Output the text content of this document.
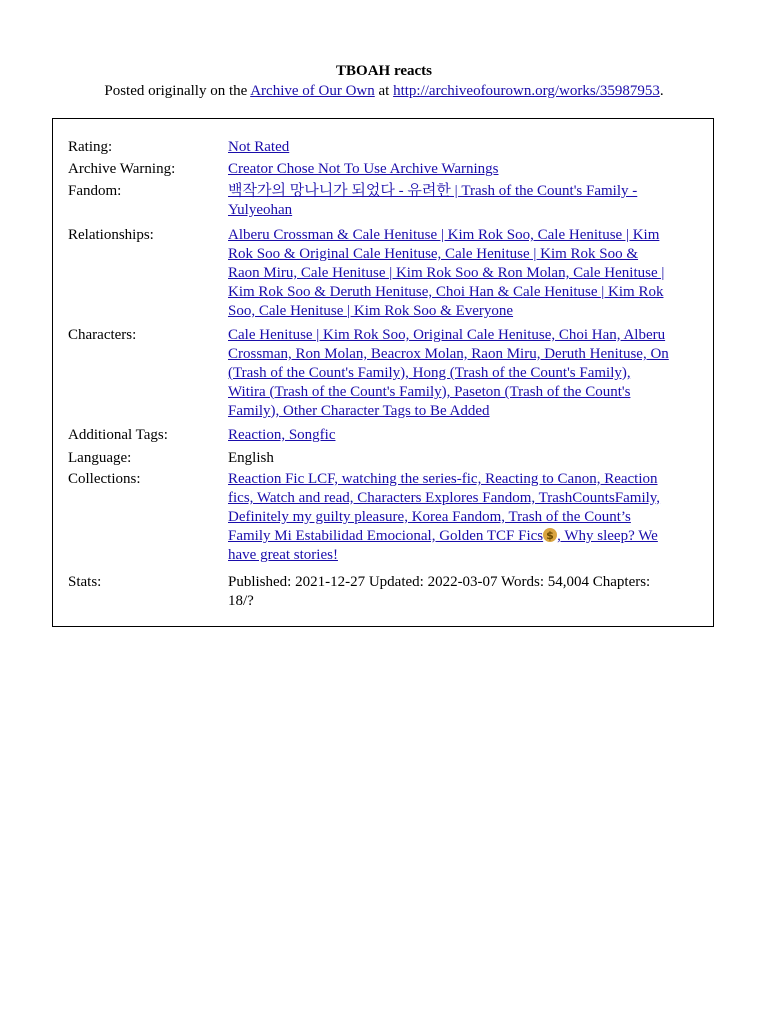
TBOAH reacts
Posted originally on the Archive of Our Own at http://archiveofourown.org/works/35987953.
Rating:	Not Rated
Archive Warning:	Creator Chose Not To Use Archive Warnings
Fandom:	백작가의 망나니가 되었다 - 유려한 | Trash of the Count's Family -
Yulyeohan
Relationships:	Alberu Crossman & Cale Henituse | Kim Rok Soo, Cale Henituse | Kim
Rok Soo & Original Cale Henituse, Cale Henituse | Kim Rok Soo &
Raon Miru, Cale Henituse | Kim Rok Soo & Ron Molan, Cale Henituse |
Kim Rok Soo & Deruth Henituse, Choi Han & Cale Henituse | Kim Rok
Soo, Cale Henituse | Kim Rok Soo & Everyone
Characters:	Cale Henituse | Kim Rok Soo, Original Cale Henituse, Choi Han, Alberu
Crossman, Ron Molan, Beacrox Molan, Raon Miru, Deruth Henituse, On
(Trash of the Count's Family), Hong (Trash of the Count's Family),
Witira (Trash of the Count's Family), Paseton (Trash of the Count's
Family), Other Character Tags to Be Added
Additional Tags:	Reaction, Songfic
Language:	English
Collections:	Reaction Fic LCF, watching the series-fic, Reacting to Canon, Reaction
fics, Watch and read, Characters Explores Fandom, TrashCountsFamily,
Definitely my guilty pleasure, Korea Fandom, Trash of the Count’s
Family Mi Estabilidad Emocional, Golden TCF Fics$ , Why sleep? We
have great stories!
Stats:	Published: 2021-12-27 Updated: 2022-03-07 Words: 54,004 Chapters:
18/?
